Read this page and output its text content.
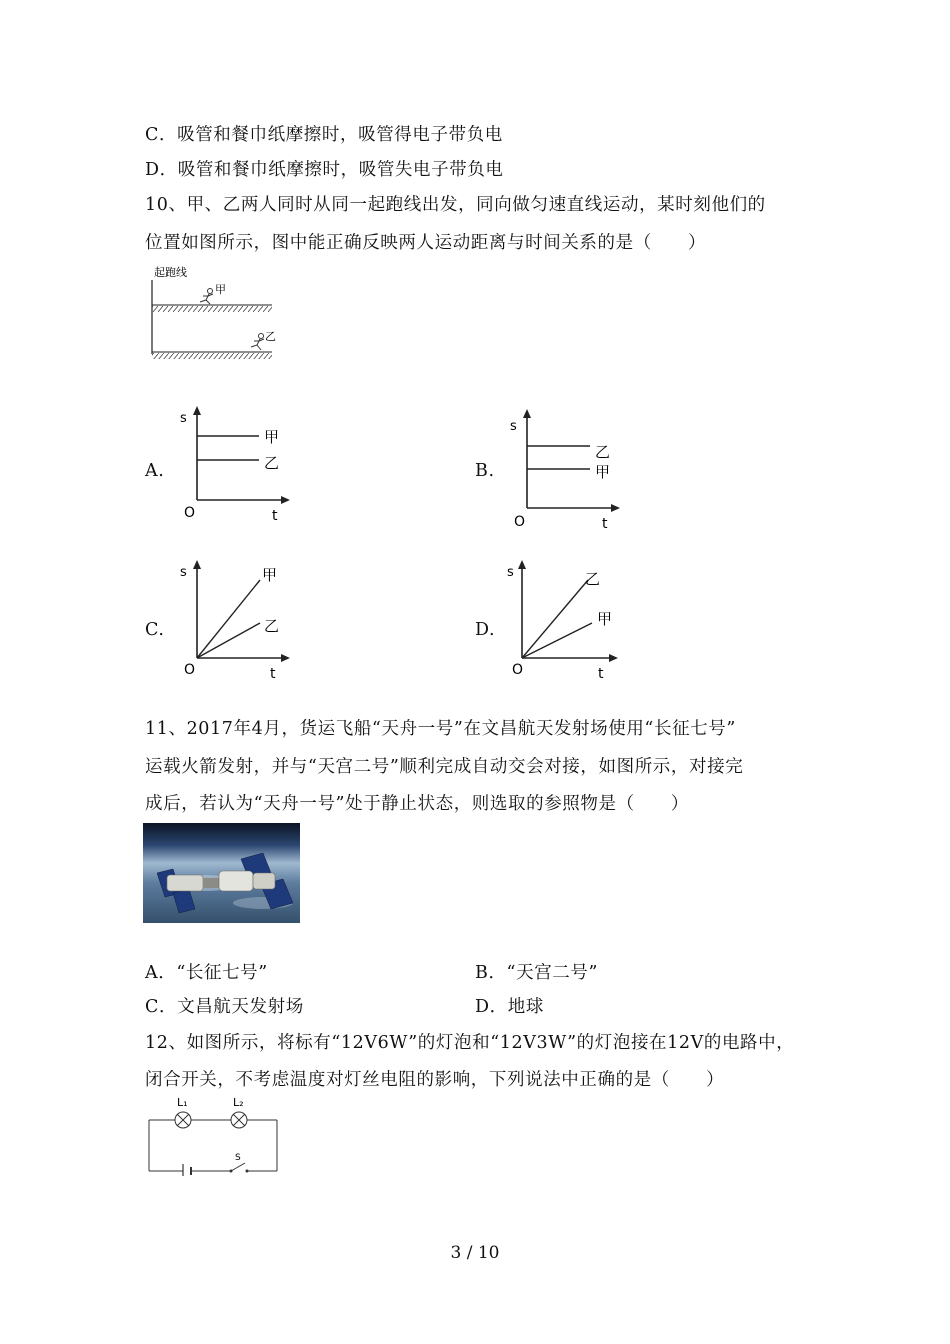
C．吸管和餐巾纸摩擦时，吸管得电子带负电
D．吸管和餐巾纸摩擦时，吸管失电子带负电
10、甲、乙两人同时从同一起跑线出发，同向做匀速直线运动，某时刻他们的
位置如图所示，图中能正确反映两人运动距离与时间关系的是（　　）
起跑线
甲
乙
A.
s
甲
乙
O	t
B.
s
乙
甲
O	t
C.
s	甲
乙
O	t
D.
s	乙
甲
O	t
11、2017年4月，货运飞船“天舟一号”在文昌航天发射场使用“长征七号”
运载火箭发射，并与“天宫二号”顺利完成自动交会对接，如图所示，对接完
成后，若认为“天舟一号”处于静止状态，则选取的参照物是（　　）
A．“长征七号”	B．“天宫二号”
C．文昌航天发射场	D．地球
12、如图所示，将标有“12V6W”的灯泡和“12V3W”的灯泡接在12V的电路中，
闭合开关，不考虑温度对灯丝电阻的影响，下列说法中正确的是（　　）
L₁	L₂
S
3 / 10
